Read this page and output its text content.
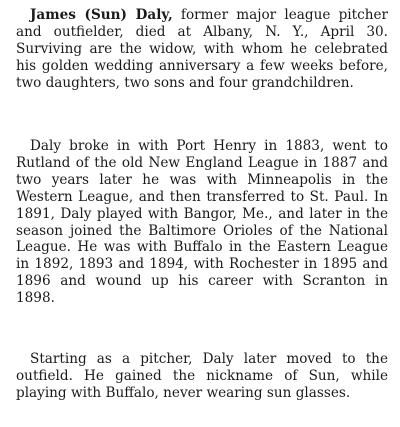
James (Sun) Daly, former major league pitcher and outfielder, died at Albany, N. Y., April 30. Surviving are the widow, with whom he celebrated his golden wedding anniversary a few weeks before, two daughters, two sons and four grandchildren.

Daly broke in with Port Henry in 1883, went to Rutland of the old New England League in 1887 and two years later he was with Minneapolis in the Western League, and then transferred to St. Paul. In 1891, Daly played with Bangor, Me., and later in the season joined the Baltimore Orioles of the National League. He was with Buffalo in the Eastern League in 1892, 1893 and 1894, with Rochester in 1895 and 1896 and wound up his career with Scranton in 1898.

Starting as a pitcher, Daly later moved to the outfield. He gained the nickname of Sun, while playing with Buffalo, never wearing sun glasses.
